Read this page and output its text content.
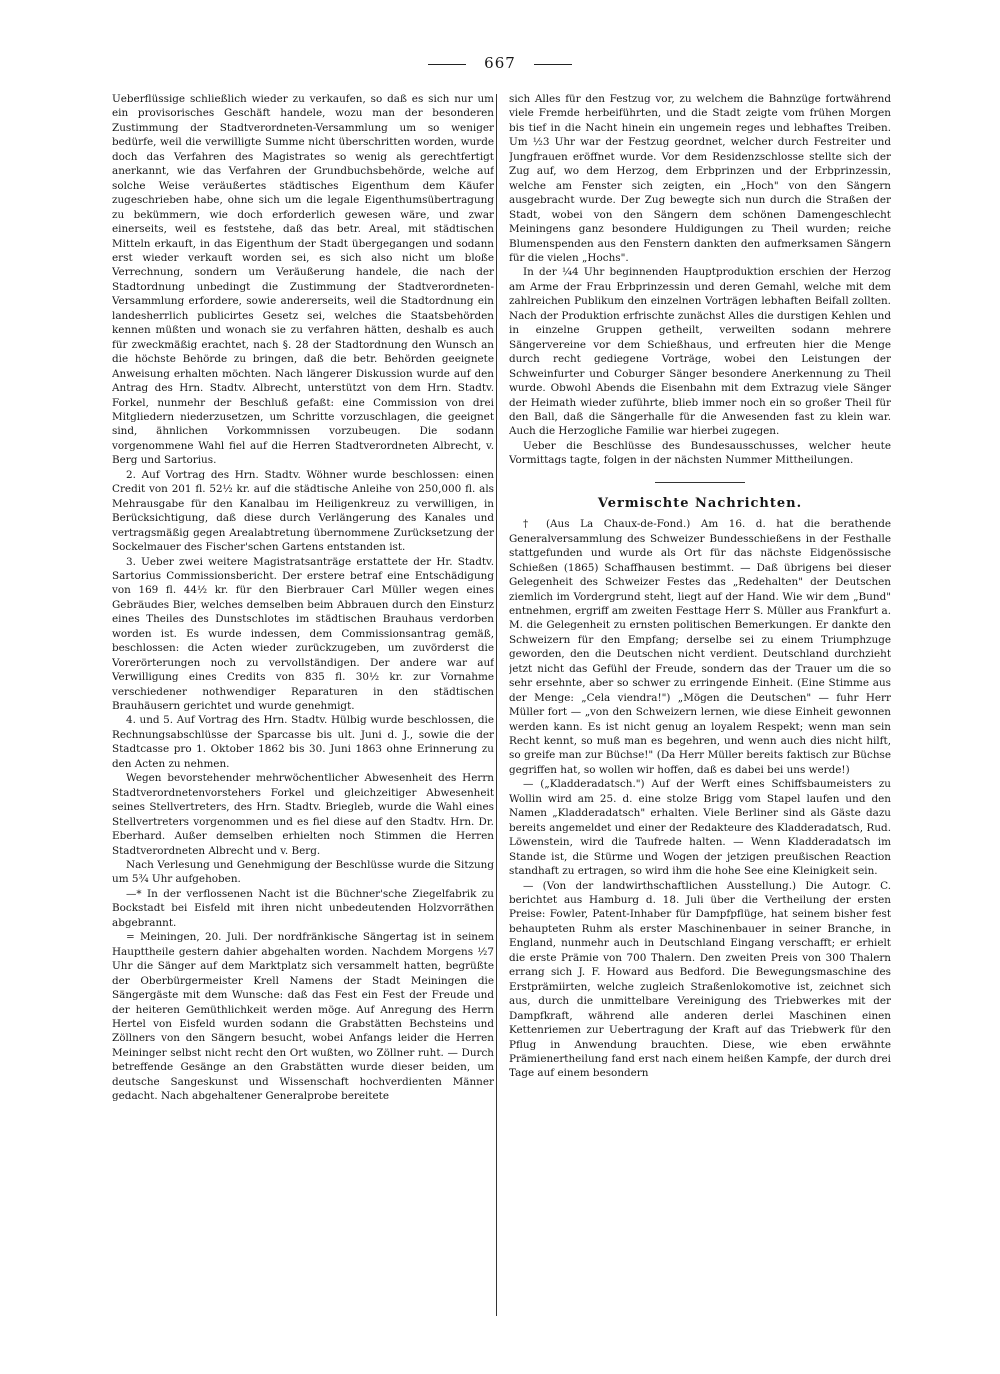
667

Ueberflüssige schließlich wieder zu verkaufen, so daß es sich nur um ein provisorisches Geschäft handele, wozu man der besonderen Zustimmung der Stadtverordneten-Versammlung um so weniger bedürfe, weil die verwilligte Summe nicht überschritten worden, wurde doch das Verfahren des Magistrates so wenig als gerechtfertigt anerkannt, wie das Verfahren der Grundbuchsbehörde, welche auf solche Weise veräußertes städtisches Eigenthum dem Käufer zugeschrieben habe, ohne sich um die legale Eigenthumsübertragung zu bekümmern, wie doch erforderlich gewesen wäre, und zwar einerseits, weil es feststehe, daß das betr. Areal, mit städtischen Mitteln erkauft, in das Eigenthum der Stadt übergegangen und sodann erst wieder verkauft worden sei, es sich also nicht um bloße Verrechnung, sondern um Veräußerung handele, die nach der Stadtordnung unbedingt die Zustimmung der Stadtverordneten-Versammlung erfordere, sowie andererseits, weil die Stadtordnung ein landesherrlich publicirtes Gesetz sei, welches die Staatsbehörden kennen müßten und wonach sie zu verfahren hätten, deshalb es auch für zweckmäßig erachtet, nach §. 28 der Stadtordnung den Wunsch an die höchste Behörde zu bringen, daß die betr. Behörden geeignete Anweisung erhalten möchten. Nach längerer Diskussion wurde auf den Antrag des Hrn. Stadtv. Albrecht, unterstützt von dem Hrn. Stadtv. Forkel, nunmehr der Beschluß gefaßt: eine Commission von drei Mitgliedern niederzusetzen, um Schritte vorzuschlagen, die geeignet sind, ähnlichen Vorkommnissen vorzubeugen. Die sodann vorgenommene Wahl fiel auf die Herren Stadtverordneten Albrecht, v. Berg und Sartorius.

2. Auf Vortrag des Hrn. Stadtv. Wöhner wurde beschlossen: einen Credit von 201 fl. 52½ kr. auf die städtische Anleihe von 250,000 fl. als Mehrausgabe für den Kanalbau im Heiligenkreuz zu verwilligen, in Berücksichtigung, daß diese durch Verlängerung des Kanales und vertragsmäßig gegen Arealabtretung übernommene Zurücksetzung der Sockelmauer des Fischer'schen Gartens entstanden ist.

3. Ueber zwei weitere Magistratsanträge erstattete der Hr. Stadtv. Sartorius Commissionsbericht. Der erstere betraf eine Entschädigung von 169 fl. 44½ kr. für den Bierbrauer Carl Müller wegen eines Gebräudes Bier, welches demselben beim Abbrauen durch den Einsturz eines Theiles des Dunstschlotes im städtischen Brauhaus verdorben worden ist. Es wurde indessen, dem Commissionsantrag gemäß, beschlossen: die Acten wieder zurückzugeben, um zuvörderst die Vorerörterungen noch zu vervollständigen. Der andere war auf Verwilligung eines Credits von 835 fl. 30½ kr. zur Vornahme verschiedener nothwendiger Reparaturen in den städtischen Brauhäusern gerichtet und wurde genehmigt.

4. und 5. Auf Vortrag des Hrn. Stadtv. Hülbig wurde beschlossen, die Rechnungsabschlüsse der Sparcasse bis ult. Juni d. J., sowie die der Stadtcasse pro 1. Oktober 1862 bis 30. Juni 1863 ohne Erinnerung zu den Acten zu nehmen.

Wegen bevorstehender mehrwöchentlicher Abwesenheit des Herrn Stadtverordnetenvorstehers Forkel und gleichzeitiger Abwesenheit seines Stellvertreters, des Hrn. Stadtv. Briegleb, wurde die Wahl eines Stellvertreters vorgenommen und es fiel diese auf den Stadtv. Hrn. Dr. Eberhard. Außer demselben erhielten noch Stimmen die Herren Stadtverordneten Albrecht und v. Berg.

Nach Verlesung und Genehmigung der Beschlüsse wurde die Sitzung um 5¾ Uhr aufgehoben.

—* In der verflossenen Nacht ist die Büchner'sche Ziegelfabrik zu Bockstadt bei Eisfeld mit ihren nicht unbedeutenden Holzvorräthen abgebrannt.

= Meiningen, 20. Juli. Der nordfränkische Sängertag ist in seinem Haupttheile gestern dahier abgehalten worden. Nachdem Morgens ½7 Uhr die Sänger auf dem Marktplatz sich versammelt hatten, begrüßte der Oberbürgermeister Krell Namens der Stadt Meiningen die Sängergäste mit dem Wunsche: daß das Fest ein Fest der Freude und der heiteren Gemüthlichkeit werden möge. Auf Anregung des Herrn Hertel von Eisfeld wurden sodann die Grabstätten Bechsteins und Zöllners von den Sängern besucht, wobei Anfangs leider die Herren Meininger selbst nicht recht den Ort wußten, wo Zöllner ruht. — Durch betreffende Gesänge an den Grabstätten wurde dieser beiden, um deutsche Sangeskunst und Wissenschaft hochverdienten Männer gedacht. Nach abgehaltener Generalprobe bereitete

sich Alles für den Festzug vor, zu welchem die Bahnzüge fortwährend viele Fremde herbeiführten, und die Stadt zeigte vom frühen Morgen bis tief in die Nacht hinein ein ungemein reges und lebhaftes Treiben. Um ½3 Uhr war der Festzug geordnet, welcher durch Festreiter und Jungfrauen eröffnet wurde. Vor dem Residenzschlosse stellte sich der Zug auf, wo dem Herzog, dem Erbprinzen und der Erbprinzessin, welche am Fenster sich zeigten, ein „Hoch" von den Sängern ausgebracht wurde. Der Zug bewegte sich nun durch die Straßen der Stadt, wobei von den Sängern dem schönen Damengeschlecht Meiningens ganz besondere Huldigungen zu Theil wurden; reiche Blumenspenden aus den Fenstern dankten den aufmerksamen Sängern für die vielen „Hochs".

In der ¼4 Uhr beginnenden Hauptproduktion erschien der Herzog am Arme der Frau Erbprinzessin und deren Gemahl, welche mit dem zahlreichen Publikum den einzelnen Vorträgen lebhaften Beifall zollten. Nach der Produktion erfrischte zunächst Alles die durstigen Kehlen und in einzelne Gruppen getheilt, verweilten sodann mehrere Sängervereine vor dem Schießhaus, und erfreuten hier die Menge durch recht gediegene Vorträge, wobei den Leistungen der Schweinfurter und Coburger Sänger besondere Anerkennung zu Theil wurde. Obwohl Abends die Eisenbahn mit dem Extrazug viele Sänger der Heimath wieder zuführte, blieb immer noch ein so großer Theil für den Ball, daß die Sängerhalle für die Anwesenden fast zu klein war. Auch die Herzogliche Familie war hierbei zugegen.

Ueber die Beschlüsse des Bundesausschusses, welcher heute Vormittags tagte, folgen in der nächsten Nummer Mittheilungen.

Vermischte Nachrichten.

† (Aus La Chaux-de-Fond.) Am 16. d. hat die berathende Generalversammlung des Schweizer Bundesschießens in der Festhalle stattgefunden und wurde als Ort für das nächste Eidgenössische Schießen (1865) Schaffhausen bestimmt. — Daß übrigens bei dieser Gelegenheit des Schweizer Festes das „Redehalten" der Deutschen ziemlich im Vordergrund steht, liegt auf der Hand. Wie wir dem „Bund" entnehmen, ergriff am zweiten Festtage Herr S. Müller aus Frankfurt a. M. die Gelegenheit zu ernsten politischen Bemerkungen. Er dankte den Schweizern für den Empfang; derselbe sei zu einem Triumphzuge geworden, den die Deutschen nicht verdient. Deutschland durchzieht jetzt nicht das Gefühl der Freude, sondern das der Trauer um die so sehr ersehnte, aber so schwer zu erringende Einheit. (Eine Stimme aus der Menge: „Cela viendra!") „Mögen die Deutschen" — fuhr Herr Müller fort — „von den Schweizern lernen, wie diese Einheit gewonnen werden kann. Es ist nicht genug an loyalem Respekt; wenn man sein Recht kennt, so muß man es begehren, und wenn auch dies nicht hilft, so greife man zur Büchse!" (Da Herr Müller bereits faktisch zur Büchse gegriffen hat, so wollen wir hoffen, daß es dabei bei uns werde!)

— („Kladderadatsch.") Auf der Werft eines Schiffsbaumeisters zu Wollin wird am 25. d. eine stolze Brigg vom Stapel laufen und den Namen „Kladderadatsch" erhalten. Viele Berliner sind als Gäste dazu bereits angemeldet und einer der Redakteure des Kladderadatsch, Rud. Löwenstein, wird die Taufrede halten. — Wenn Kladderadatsch im Stande ist, die Stürme und Wogen der jetzigen preußischen Reaction standhaft zu ertragen, so wird ihm die hohe See eine Kleinigkeit sein.

— (Von der landwirthschaftlichen Ausstellung.) Die Autogr. C. berichtet aus Hamburg d. 18. Juli über die Vertheilung der ersten Preise: Fowler, Patent-Inhaber für Dampfpflüge, hat seinem bisher fest behaupteten Ruhm als erster Maschinenbauer in seiner Branche, in England, nunmehr auch in Deutschland Eingang verschafft; er erhielt die erste Prämie von 700 Thalern. Den zweiten Preis von 300 Thalern errang sich J. F. Howard aus Bedford. Die Bewegungsmaschine des Erstprämiirten, welche zugleich Straßenlokomotive ist, zeichnet sich aus, durch die unmittelbare Vereinigung des Triebwerkes mit der Dampfkraft, während alle anderen derlei Maschinen einen Kettenriemen zur Uebertragung der Kraft auf das Triebwerk für den Pflug in Anwendung brauchten. Diese, wie eben erwähnte Prämienertheilung fand erst nach einem heißen Kampfe, der durch drei Tage auf einem besondern
